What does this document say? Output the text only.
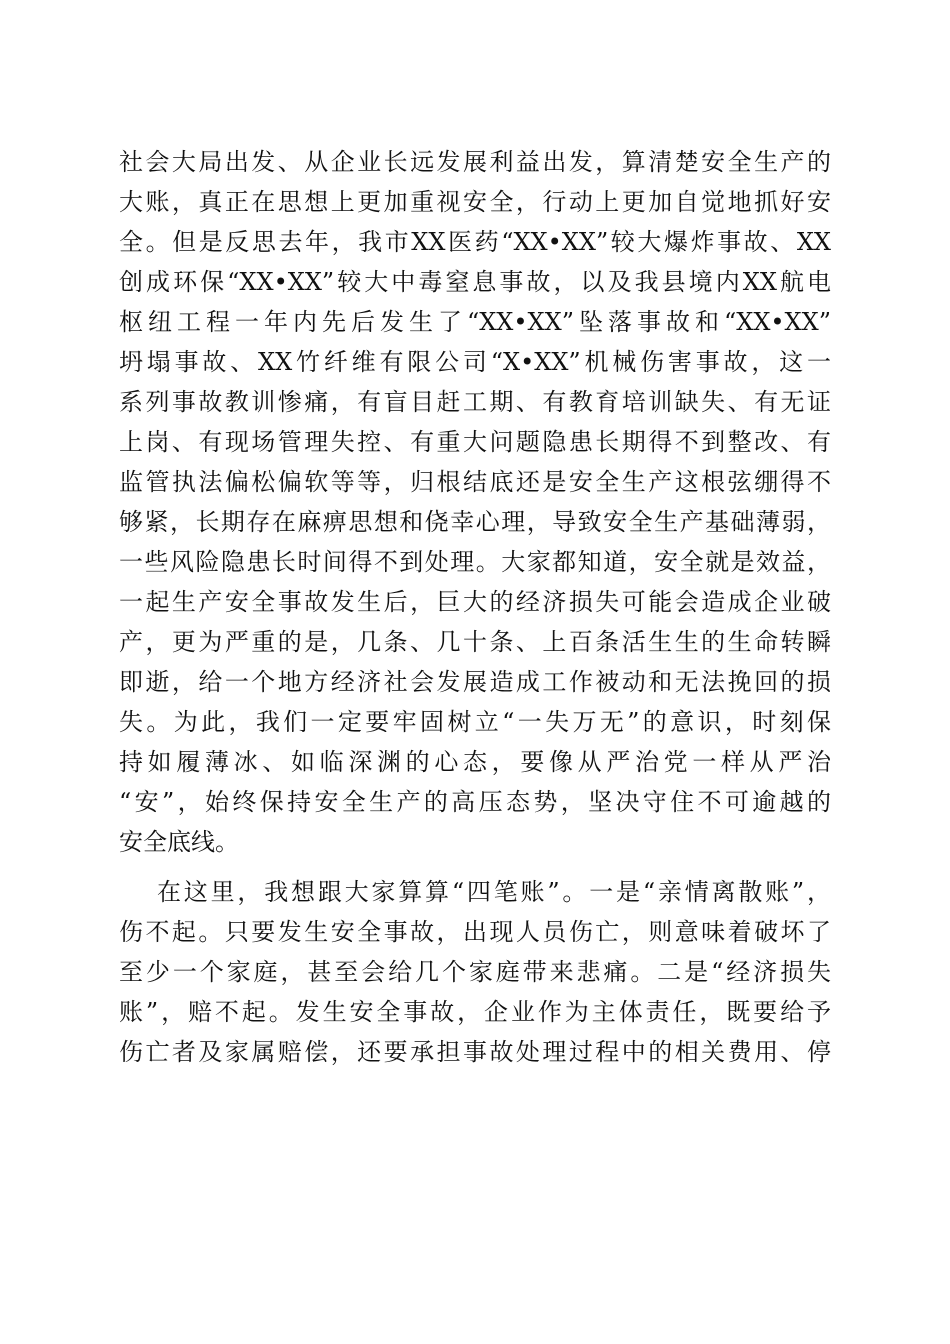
社会大局出发、从企业长远发展利益出发，算清楚安全生产的
大账，真正在思想上更加重视安全，行动上更加自觉地抓好安
全。但是反思去年，我市XX医药“XX•XX”较大爆炸事故、XX
创成环保“XX•XX”较大中毒窒息事故，以及我县境内XX航电
枢纽工程一年内先后发生了“XX•XX”坠落事故和“XX•XX”
坍塌事故、XX竹纤维有限公司“X•XX”机械伤害事故，这一
系列事故教训惨痛，有盲目赶工期、有教育培训缺失、有无证
上岗、有现场管理失控、有重大问题隐患长期得不到整改、有
监管执法偏松偏软等等，归根结底还是安全生产这根弦绷得不
够紧，长期存在麻痹思想和侥幸心理，导致安全生产基础薄弱，
一些风险隐患长时间得不到处理。大家都知道，安全就是效益，
一起生产安全事故发生后，巨大的经济损失可能会造成企业破
产，更为严重的是，几条、几十条、上百条活生生的生命转瞬
即逝，给一个地方经济社会发展造成工作被动和无法挽回的损
失。为此，我们一定要牢固树立“一失万无”的意识，时刻保
持如履薄冰、如临深渊的心态，要像从严治党一样从严治
“安”，始终保持安全生产的高压态势，坚决守住不可逾越的
安全底线。
在这里，我想跟大家算算“四笔账”。一是“亲情离散账”，
伤不起。只要发生安全事故，出现人员伤亡，则意味着破坏了
至少一个家庭，甚至会给几个家庭带来悲痛。二是“经济损失
账”，赔不起。发生安全事故，企业作为主体责任，既要给予
伤亡者及家属赔偿，还要承担事故处理过程中的相关费用、停
